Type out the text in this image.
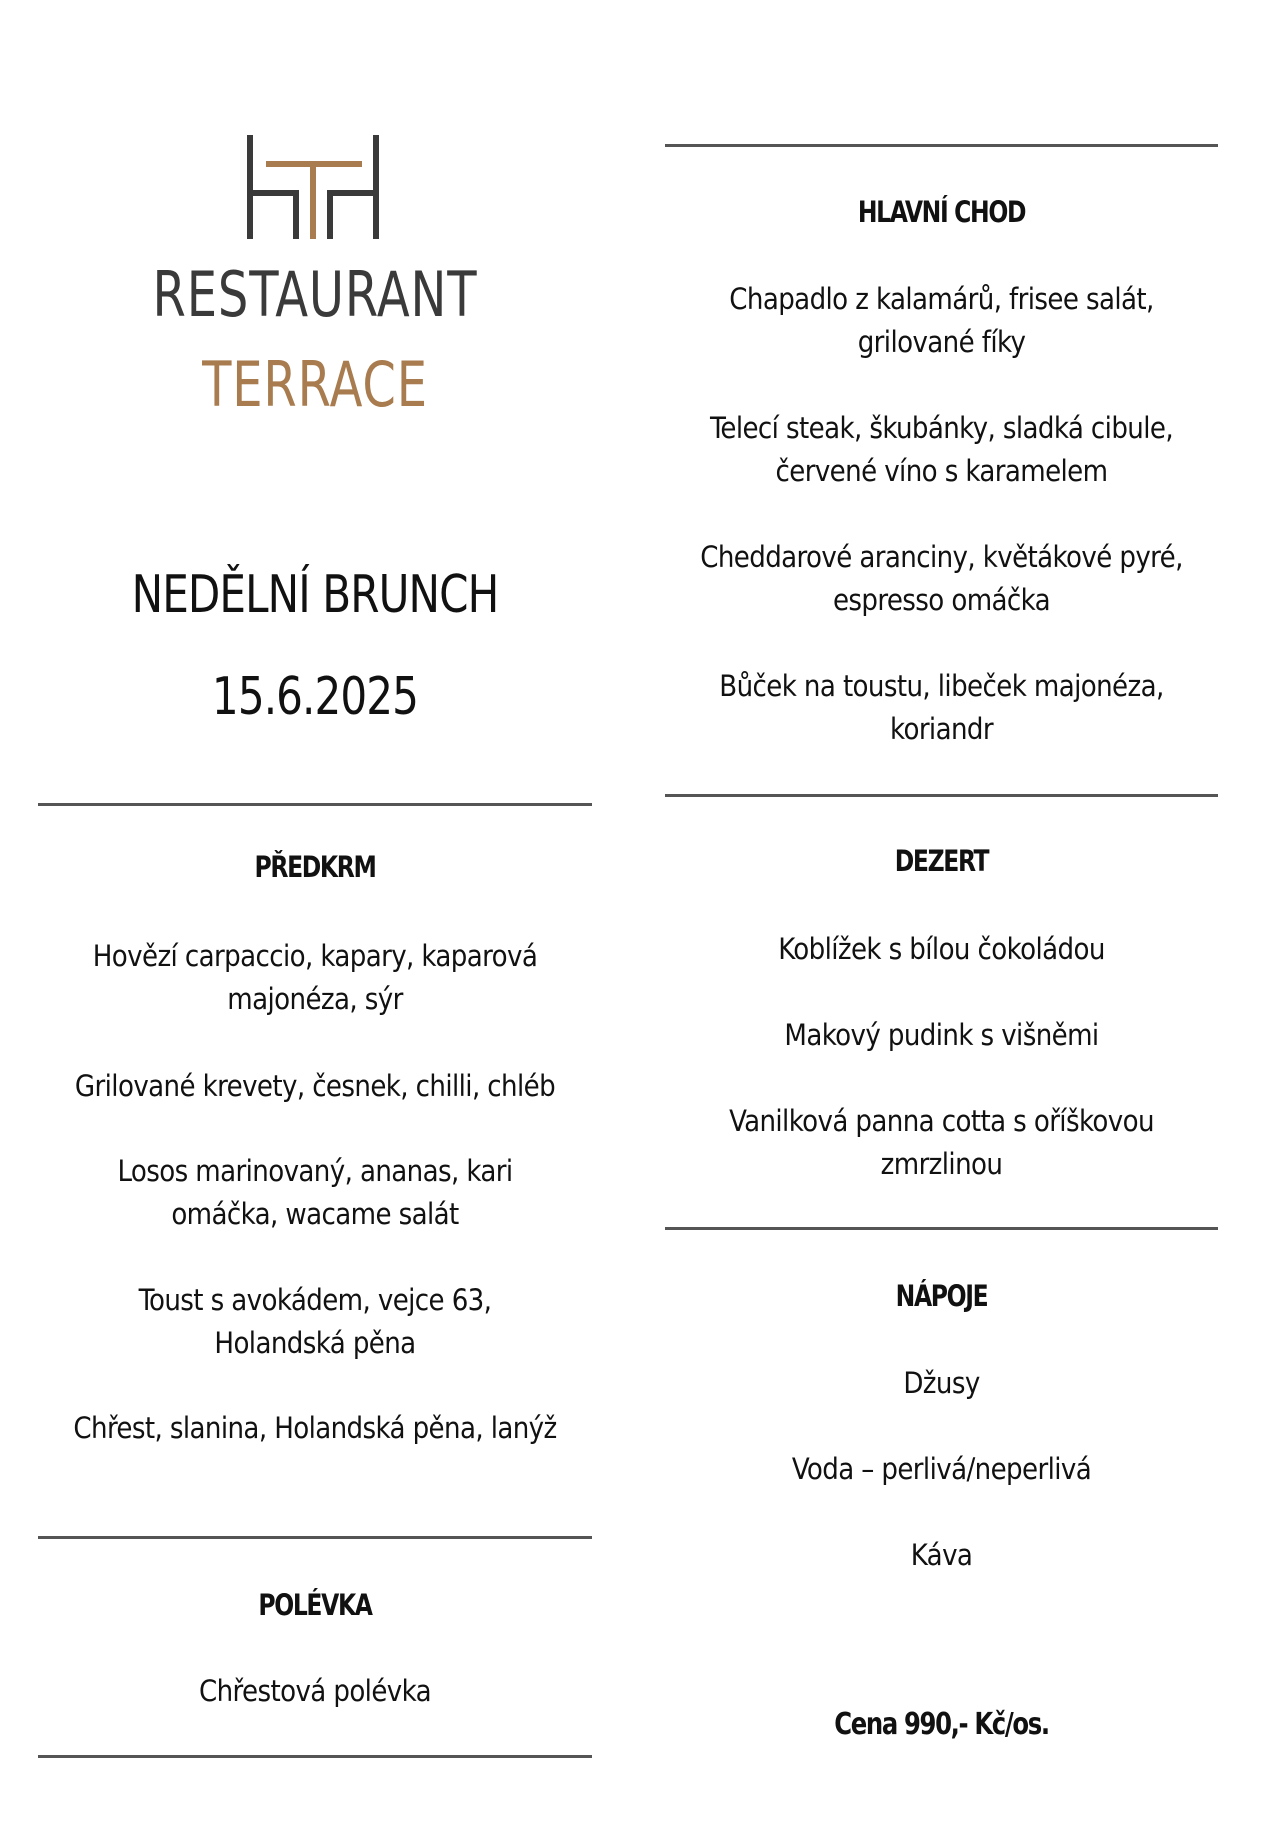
RESTAURANT
TERRACE
NEDĚLNÍ BRUNCH
15.6.2025
PŘEDKRM
Hovězí carpaccio, kapary, kaparová majonéza, sýr
Grilované krevety, česnek, chilli, chléb
Losos marinovaný, ananas, kari omáčka, wacame salát
Toust s avokádem, vejce 63, Holandská pěna
Chřest, slanina, Holandská pěna, lanýž
POLÉVKA
Chřestová polévka
HLAVNÍ CHOD
Chapadlo z kalamárů, frisee salát, grilované fíky
Telecí steak, škubánky, sladká cibule, červené víno s karamelem
Cheddarové aranciny, květákové pyré, espresso omáčka
Bůček na toustu, libeček majonéza, koriandr
DEZERT
Koblížek s bílou čokoládou
Makový pudink s višněmi
Vanilková panna cotta s oříškovou zmrzlinou
NÁPOJE
Džusy
Voda – perlivá/neperlivá
Káva
Cena 990,- Kč/os.
